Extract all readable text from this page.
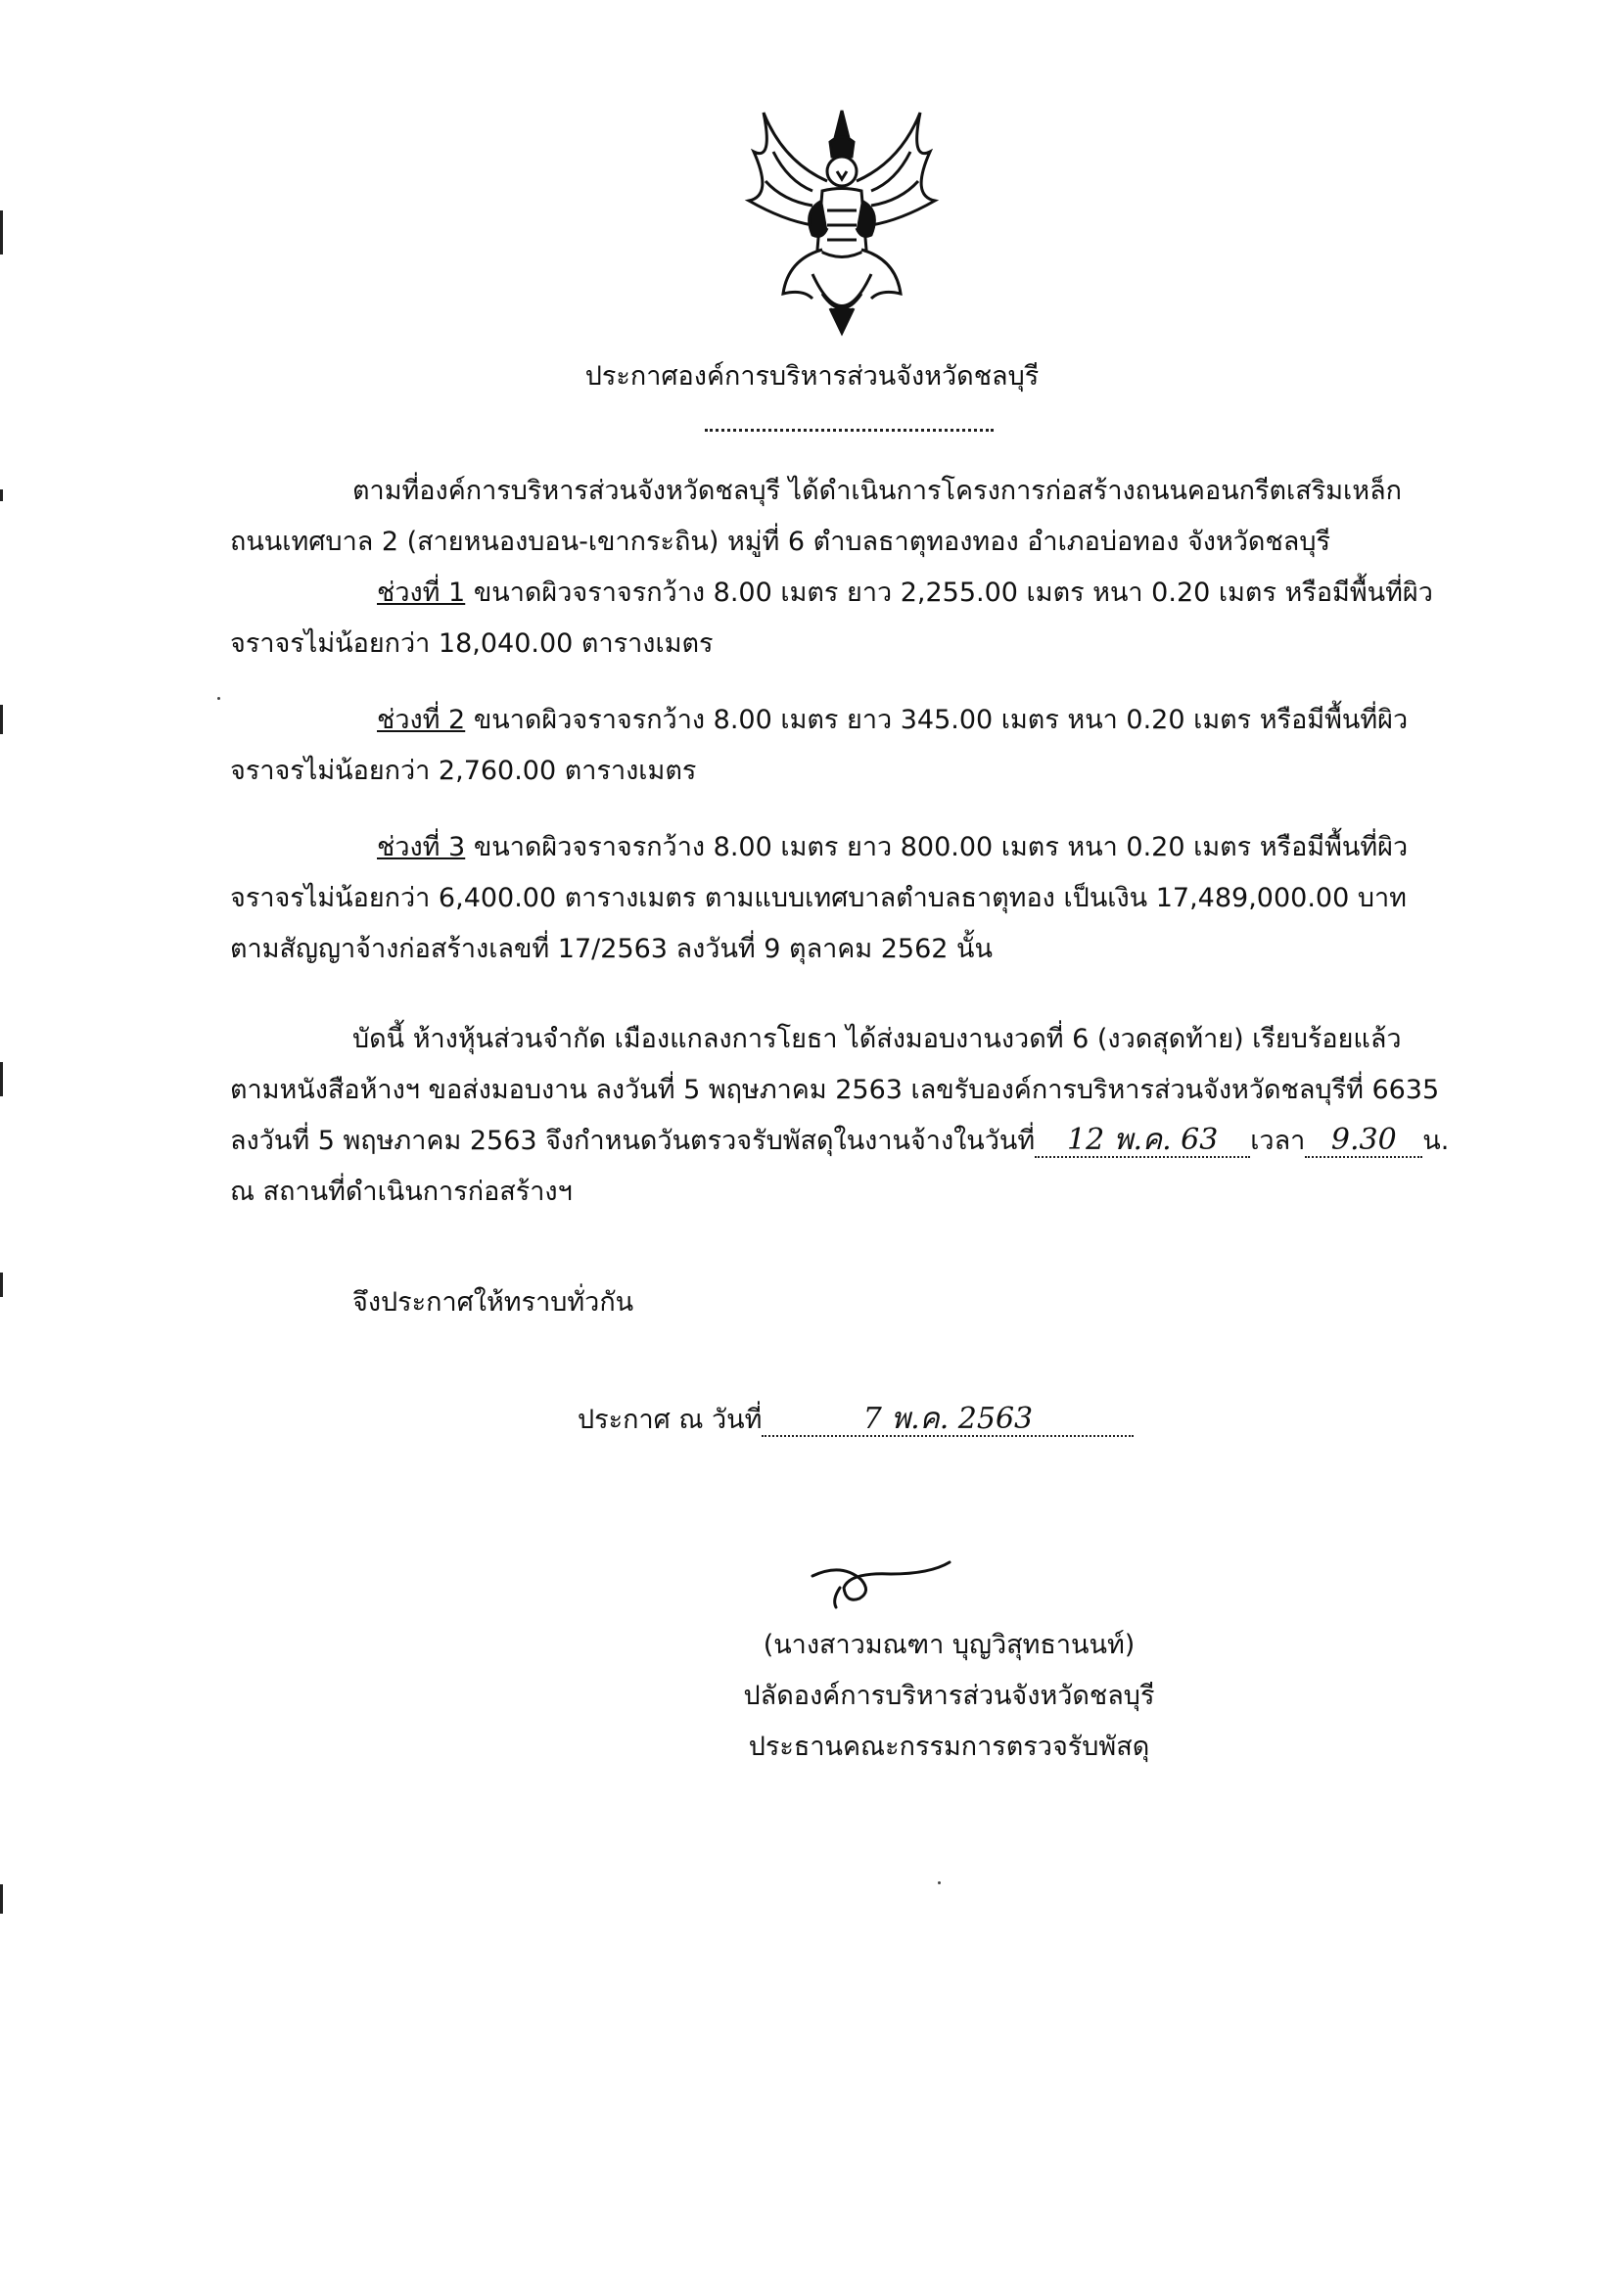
ประกาศองค์การบริหารส่วนจังหวัดชลบุรี
ตามที่องค์การบริหารส่วนจังหวัดชลบุรี ได้ดำเนินการโครงการก่อสร้างถนนคอนกรีตเสริมเหล็ก
ถนนเทศบาล 2 (สายหนองบอน-เขากระถิน) หมู่ที่ 6 ตำบลธาตุทองทอง อำเภอบ่อทอง จังหวัดชลบุรี
ช่วงที่ 1 ขนาดผิวจราจรกว้าง 8.00 เมตร ยาว 2,255.00 เมตร หนา 0.20 เมตร หรือมีพื้นที่ผิว
จราจรไม่น้อยกว่า 18,040.00 ตารางเมตร
ช่วงที่ 2 ขนาดผิวจราจรกว้าง 8.00 เมตร ยาว 345.00 เมตร หนา 0.20 เมตร หรือมีพื้นที่ผิว
จราจรไม่น้อยกว่า 2,760.00 ตารางเมตร
ช่วงที่ 3 ขนาดผิวจราจรกว้าง 8.00 เมตร ยาว 800.00 เมตร หนา 0.20 เมตร หรือมีพื้นที่ผิว
จราจรไม่น้อยกว่า 6,400.00 ตารางเมตร ตามแบบเทศบาลตำบลธาตุทอง เป็นเงิน 17,489,000.00 บาท
ตามสัญญาจ้างก่อสร้างเลขที่ 17/2563 ลงวันที่ 9 ตุลาคม 2562 นั้น
บัดนี้ ห้างหุ้นส่วนจำกัด เมืองแกลงการโยธา ได้ส่งมอบงานงวดที่ 6 (งวดสุดท้าย) เรียบร้อยแล้ว
ตามหนังสือห้างฯ ขอส่งมอบงาน ลงวันที่ 5 พฤษภาคม 2563 เลขรับองค์การบริหารส่วนจังหวัดชลบุรีที่ 6635
ลงวันที่ 5 พฤษภาคม 2563 จึงกำหนดวันตรวจรับพัสดุในงานจ้างในวันที่ 12 พ.ค. 63 เวลา 9.30 น.
ณ สถานที่ดำเนินการก่อสร้างฯ
จึงประกาศให้ทราบทั่วกัน
ประกาศ ณ วันที่	7 พ.ค. 2563
(นางสาวมณฑา บุญวิสุทธานนท์)
ปลัดองค์การบริหารส่วนจังหวัดชลบุรี
ประธานคณะกรรมการตรวจรับพัสดุ
